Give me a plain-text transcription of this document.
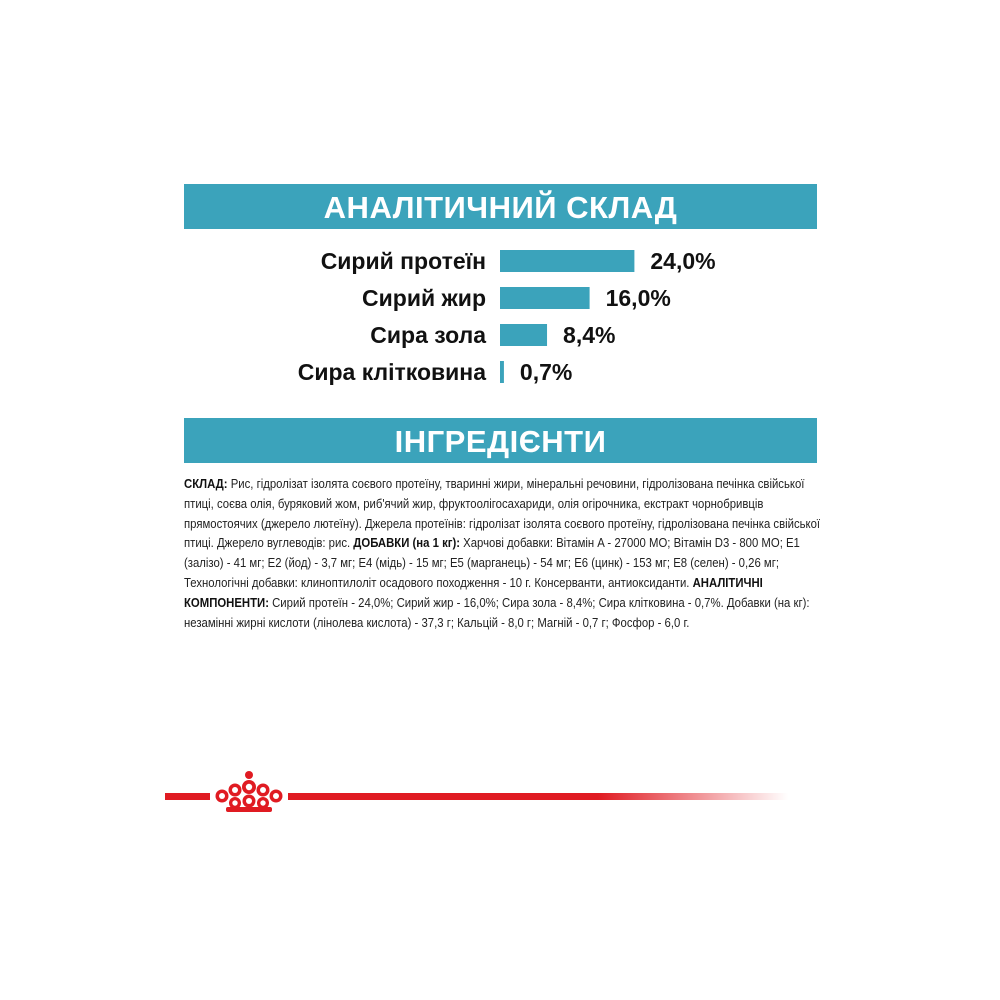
АНАЛІТИЧНИЙ СКЛАД
Сирий протеїн	24,0%
Сирий жир	16,0%
Сира зола	8,4%
Сира клітковина 0,7%
ІНГРЕДІЄНТИ
СКЛАД: Рис, гідролізат ізолята соєвого протеїну, тваринні жири, мінеральні речовини, гідролізована печінка свійської птиці, соєва олія, буряковий жом, риб'ячий жир, фруктоолігосахариди, олія огірочника, екстракт чорнобривців прямостоячих (джерело лютеїну). Джерела протеїнів: гідролізат ізолята соєвого протеїну, гідролізована печінка свійської птиці. Джерело вуглеводів: рис. ДОБАВКИ (на 1 кг): Харчові добавки: Вітамін A - 27000 МО; Вітамін D3 - 800 МО; E1 (залізо) - 41 мг; E2 (йод) - 3,7 мг; E4 (мідь) - 15 мг; E5 (марганець) - 54 мг; E6 (цинк) - 153 мг; E8 (селен) - 0,26 мг; Технологічні добавки: клиноптилоліт осадового походження - 10 г. Консерванти, антиоксиданти. АНАЛІТИЧНІ КОМПОНЕНТИ: Сирий протеїн - 24,0%; Сирий жир - 16,0%; Сира зола - 8,4%; Сира клітковина - 0,7%. Добавки (на кг): незамінні жирні кислоти (лінолева кислота) - 37,3 г; Кальцій - 8,0 г; Магній - 0,7 г; Фосфор - 6,0 г.
